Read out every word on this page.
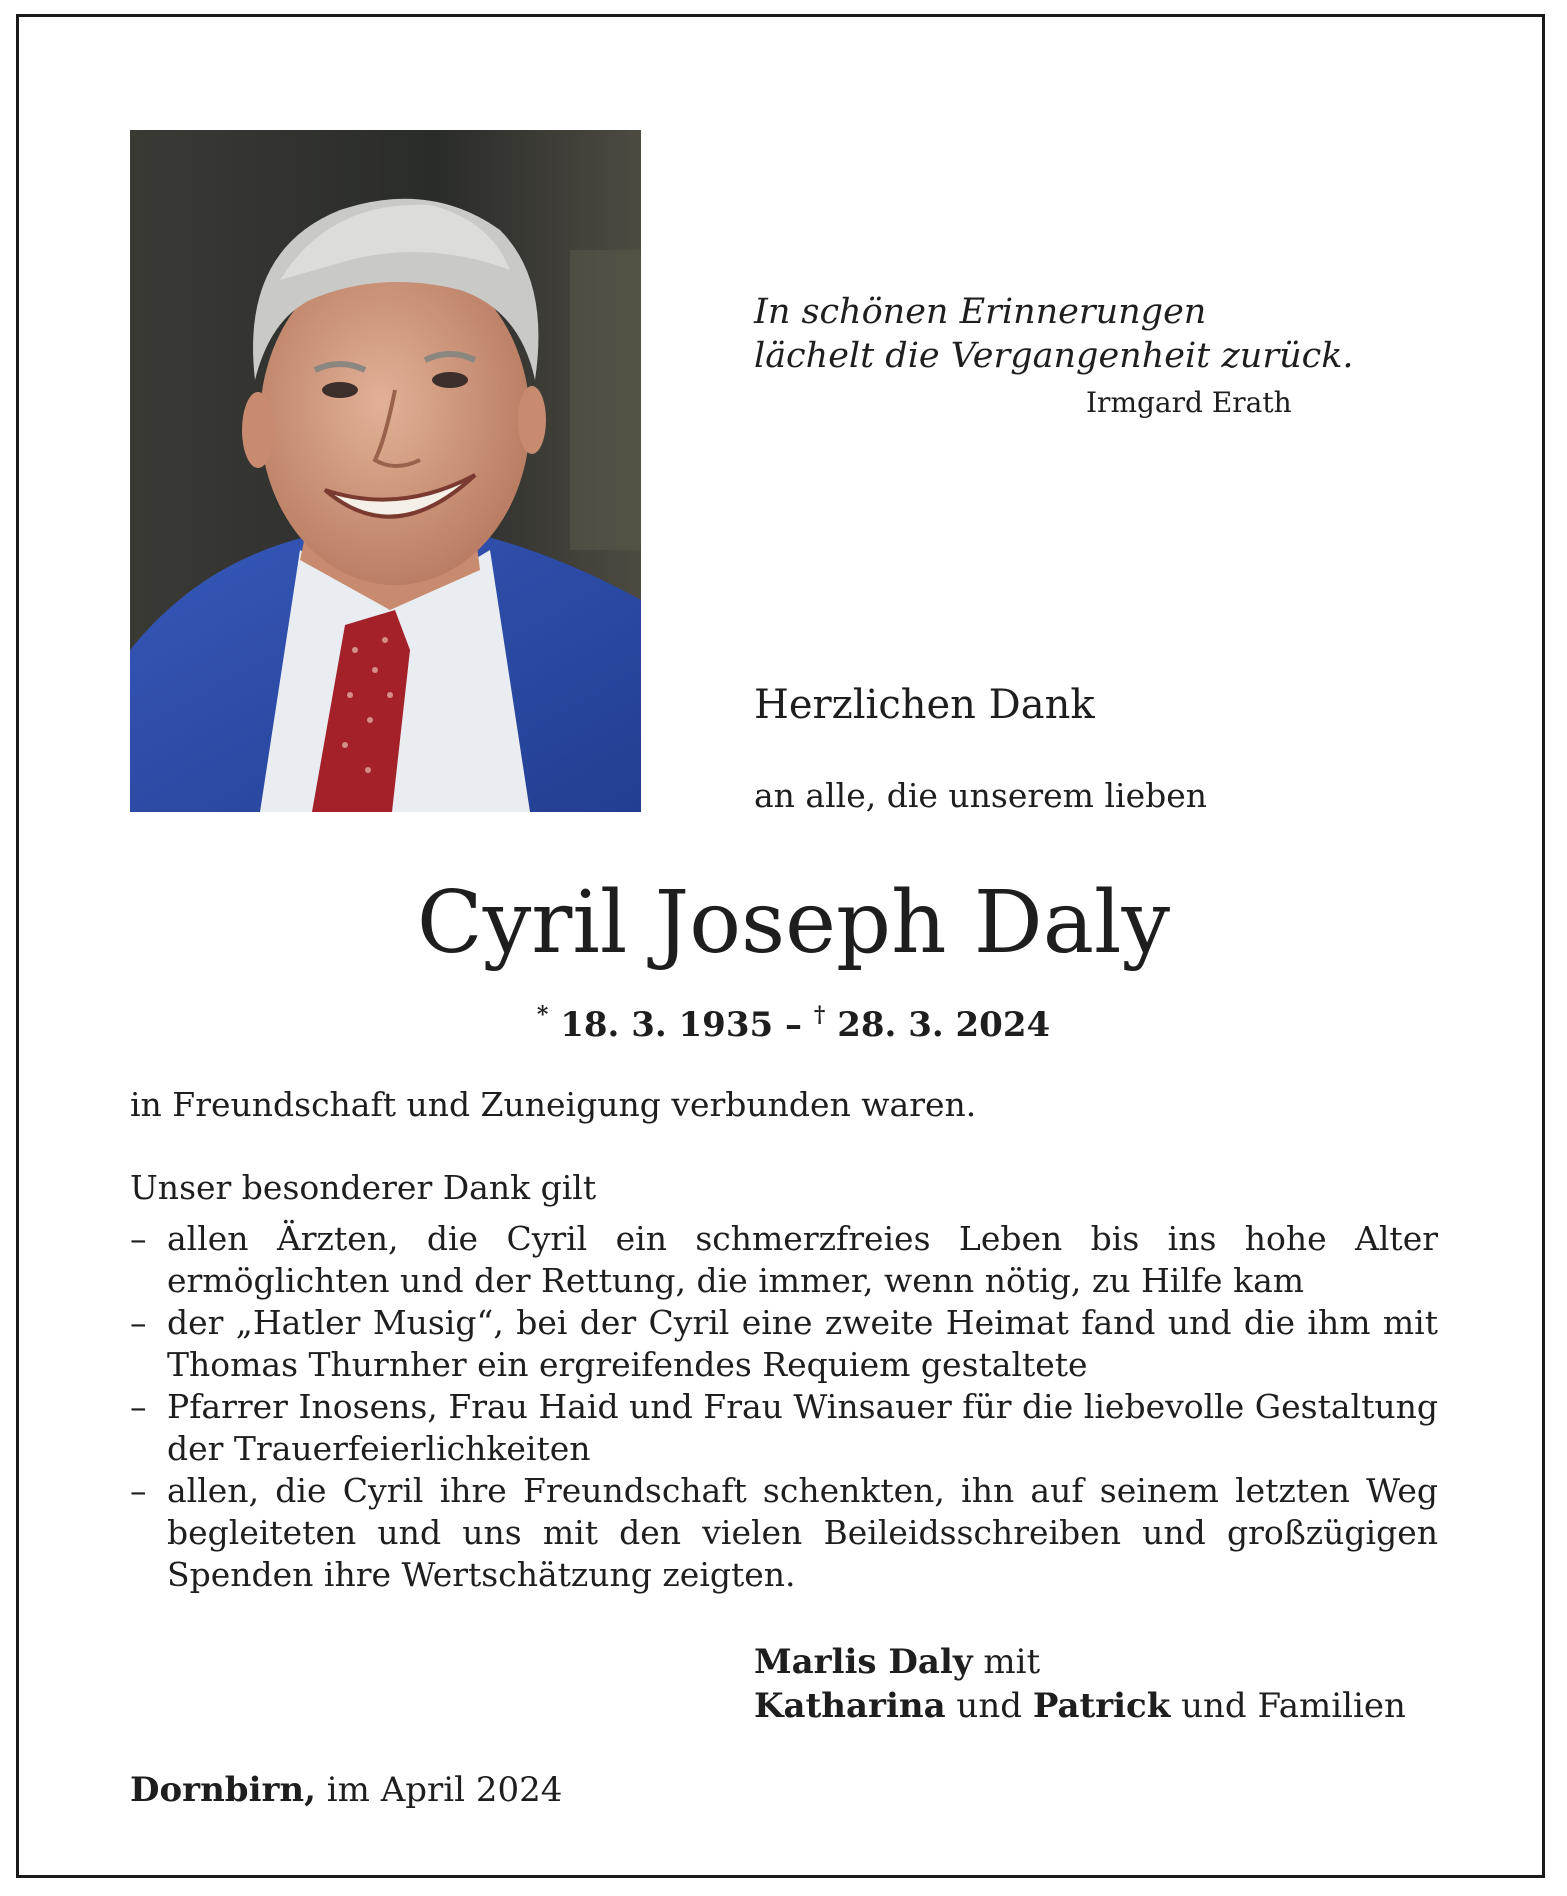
In schönen Erinnerungen
lächelt die Vergangenheit zurück.
Irmgard Erath
Herzlichen Dank
an alle, die unserem lieben
Cyril Joseph Daly
* 18. 3. 1935 – † 28. 3. 2024
in Freundschaft und Zuneigung verbunden waren.
Unser besonderer Dank gilt
– allen Ärzten, die Cyril ein schmerzfreies Leben bis ins hohe Alter ermöglichten und der Rettung, die immer, wenn nötig, zu Hilfe kam
– der „Hatler Musig“, bei der Cyril eine zweite Heimat fand und die ihm mit Thomas Thurnher ein ergreifendes Requiem gestaltete
– Pfarrer Inosens, Frau Haid und Frau Winsauer für die liebevolle Gestaltung der Trauerfeierlichkeiten
– allen, die Cyril ihre Freundschaft schenkten, ihn auf seinem letzten Weg begleiteten und uns mit den vielen Beileidsschreiben und großzügigen Spenden ihre Wertschätzung zeigten.
Marlis Daly mit
Katharina und Patrick und Familien
Dornbirn, im April 2024
